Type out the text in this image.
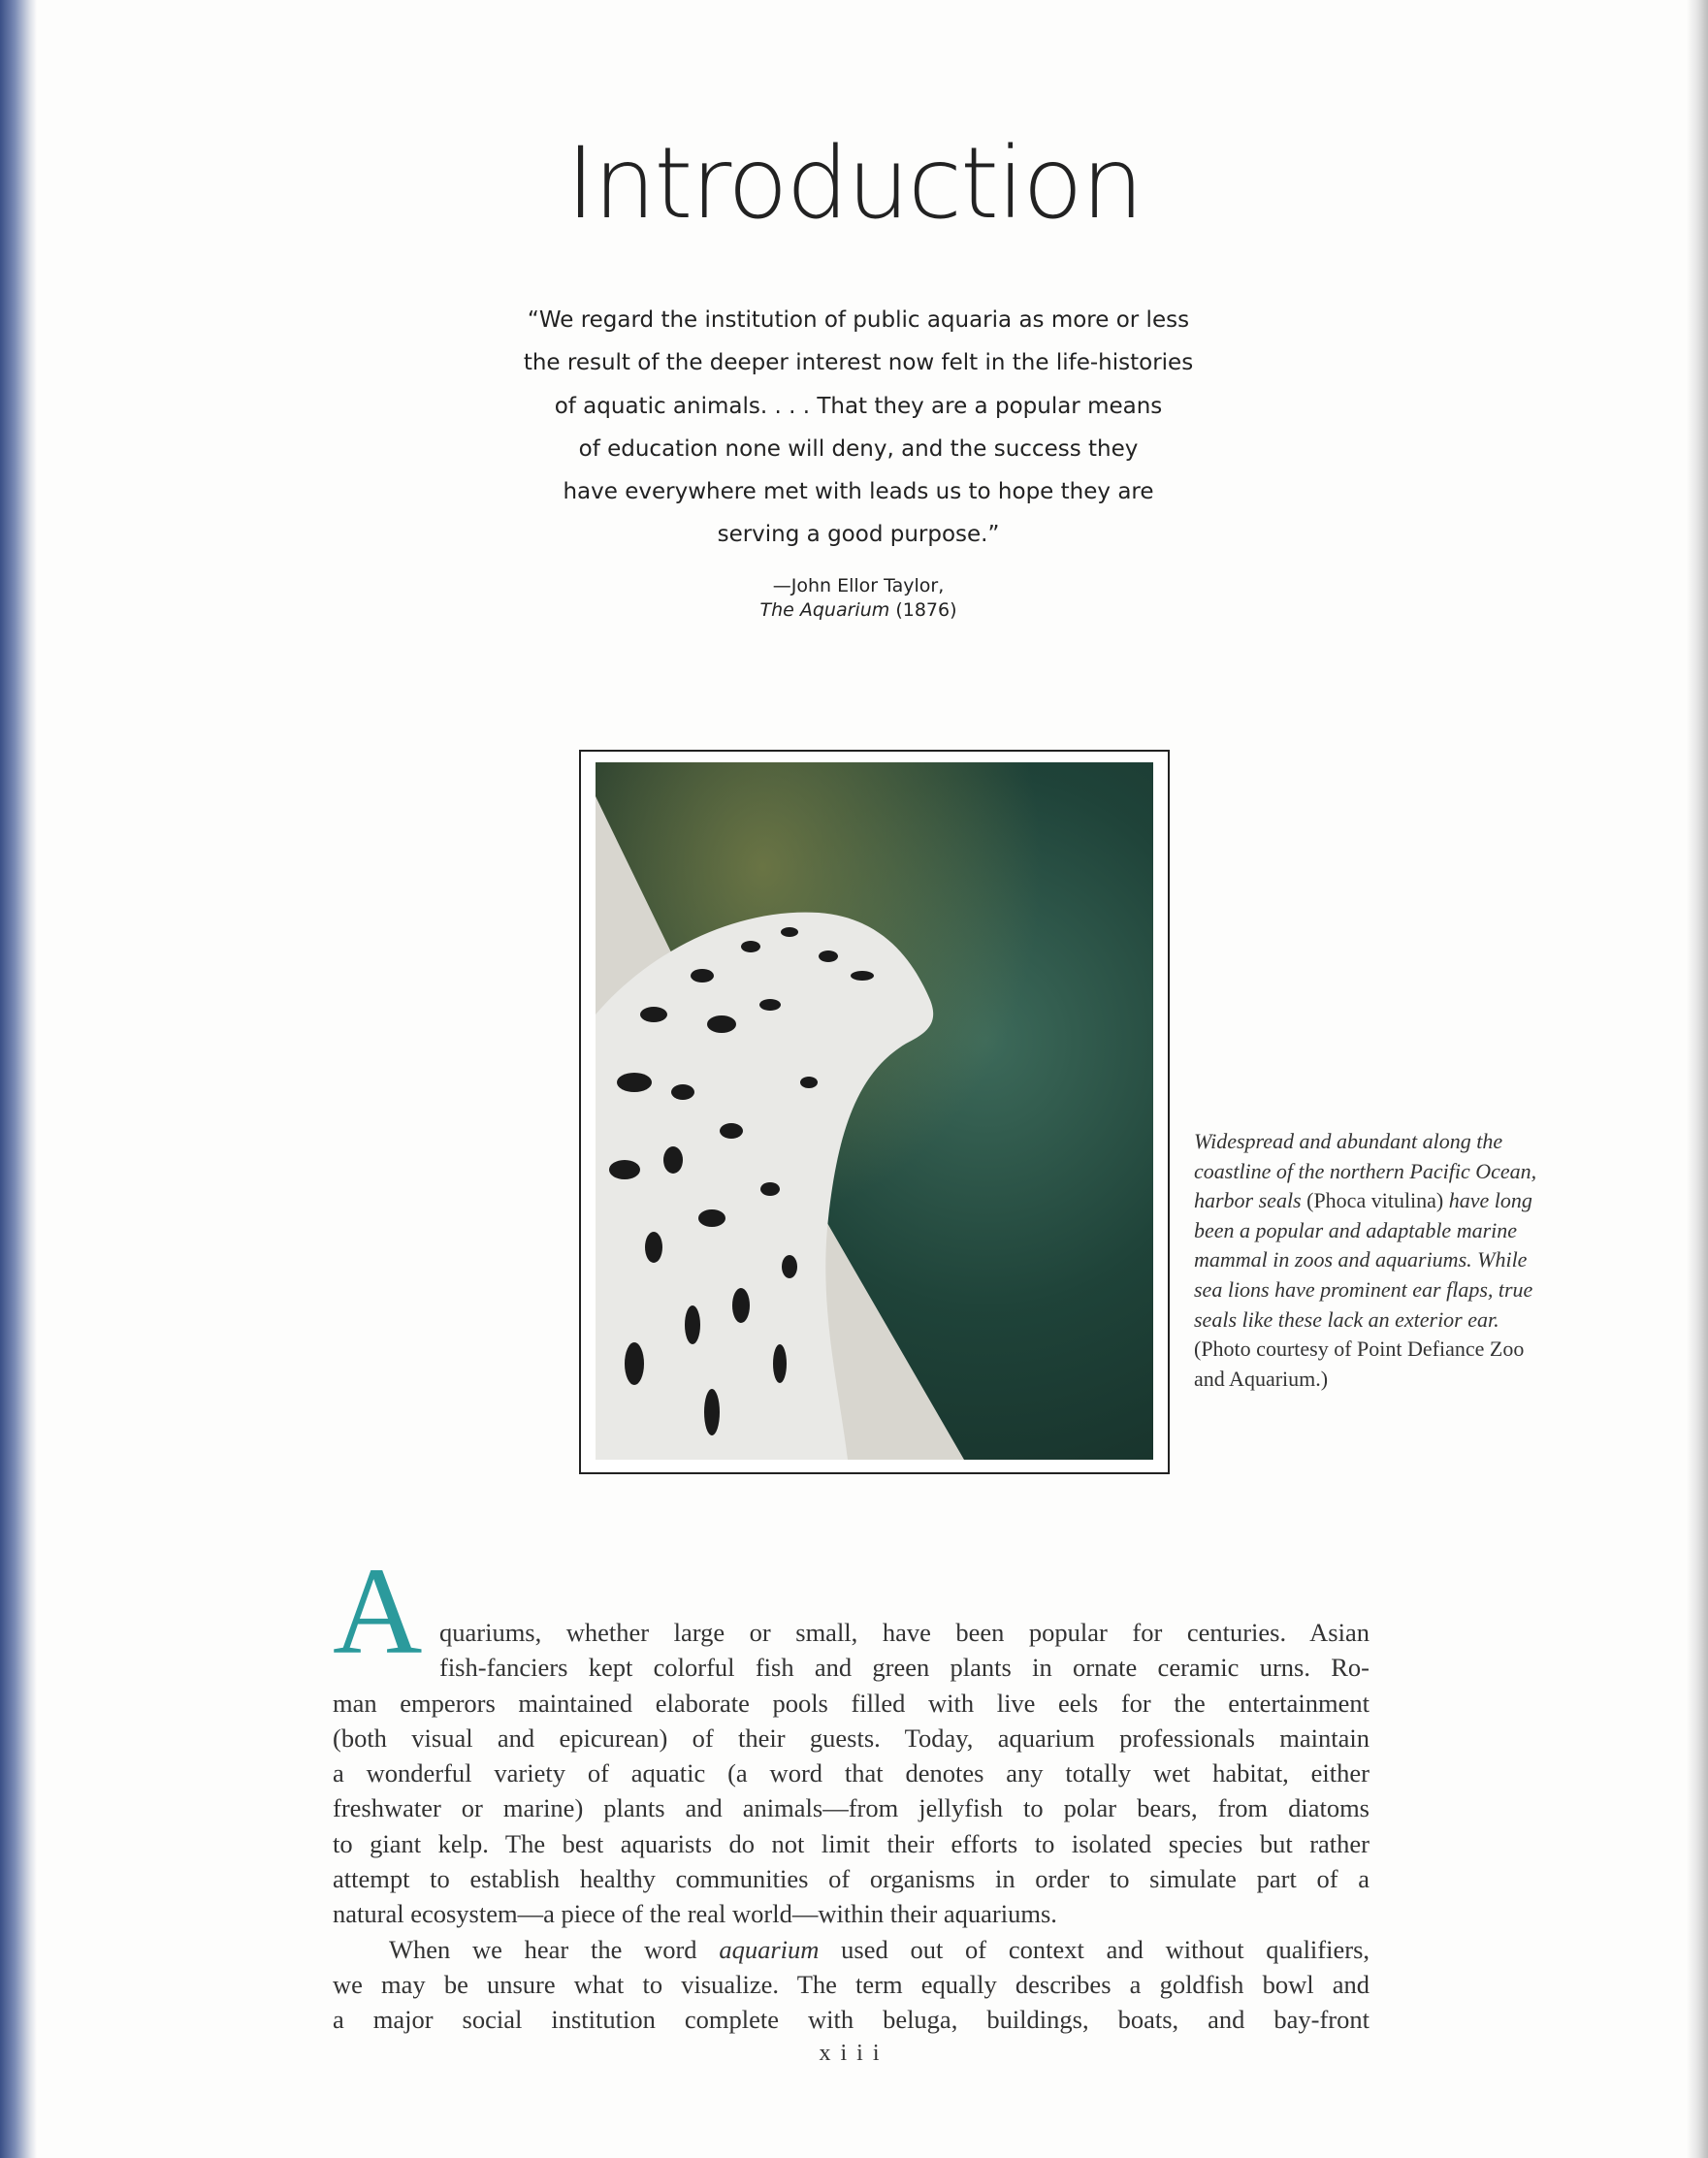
Introduction
“We regard the institution of public aquaria as more or less
the result of the deeper interest now felt in the life-histories
of aquatic animals. . . . That they are a popular means
of education none will deny, and the success they
have everywhere met with leads us to hope they are
serving a good purpose.”
—John Ellor Taylor,
The Aquarium (1876)
Widespread and abundant along the coastline of the northern Pacific Ocean, harbor seals (Phoca vitulina) have long been a popular and adaptable marine mammal in zoos and aquariums. While sea lions have prominent ear flaps, true seals like these lack an exterior ear. (Photo courtesy of Point Defiance Zoo and Aquarium.)
A quariums, whether large or small, have been popular for centuries. Asian
fish-fanciers kept colorful fish and green plants in ornate ceramic urns. Ro-
man emperors maintained elaborate pools filled with live eels for the entertainment
(both visual and epicurean) of their guests. Today, aquarium professionals maintain
a wonderful variety of aquatic (a word that denotes any totally wet habitat, either
freshwater or marine) plants and animals—from jellyfish to polar bears, from diatoms
to giant kelp. The best aquarists do not limit their efforts to isolated species but rather
attempt to establish healthy communities of organisms in order to simulate part of a
natural ecosystem—a piece of the real world—within their aquariums.
When we hear the word aquarium used out of context and without qualifiers,
we may be unsure what to visualize. The term equally describes a goldfish bowl and
a major social institution complete with beluga, buildings, boats, and bay-front
xiii
